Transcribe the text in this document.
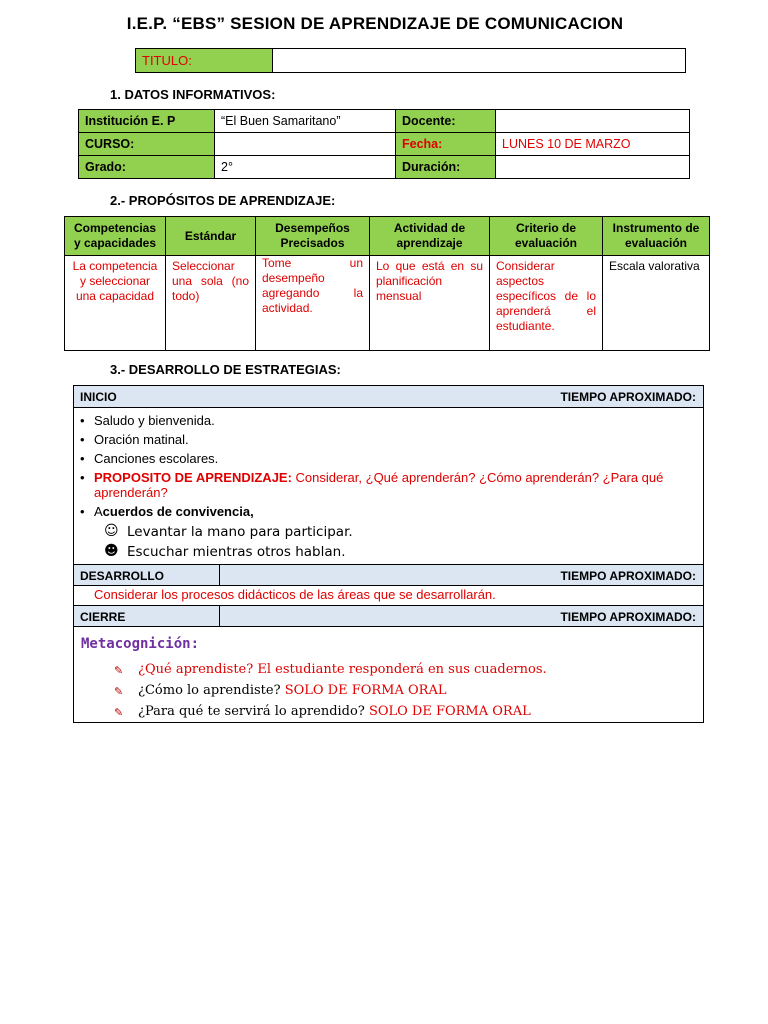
I.E.P. “EBS” SESION DE APRENDIZAJE DE COMUNICACION
TITULO:	
1. DATOS INFORMATIVOS:
Institución E. P	“El Buen Samaritano”	Docente:	
CURSO:		Fecha:	LUNES 10 DE MARZO
Grado:	2°	Duración:	
2.- PROPÓSITOS DE APRENDIZAJE:
Competencias y capacidades	Estándar	Desempeños Precisados	Actividad de aprendizaje	Criterio de evaluación	Instrumento de evaluación
La competencia y seleccionar una capacidad	Seleccionar una sola (no todo)	Tome un desempeño agregando la actividad.	Lo que está en su planificación mensual	Considerar aspectos específicos de lo aprenderá el estudiante.	Escala valorativa
3.- DESARROLLO DE ESTRATEGIAS:
INICIO	TIEMPO APROXIMADO:
• Saludo y bienvenida.
• Oración matinal.
• Canciones escolares.
• PROPOSITO DE APRENDIZAJE: Considerar, ¿Qué aprenderán? ¿Cómo aprenderán? ¿Para qué aprenderán?
• Acuerdos de convivencia,
☺ Levantar la mano para participar.
☻ Escuchar mientras otros hablan.
DESARROLLO	TIEMPO APROXIMADO:
Considerar los procesos didácticos de las áreas que se desarrollarán.
CIERRE	TIEMPO APROXIMADO:
Metacognición:
✎ ¿Qué aprendiste? El estudiante responderá en sus cuadernos.
✎ ¿Cómo lo aprendiste? SOLO DE FORMA ORAL
✎ ¿Para qué te servirá lo aprendido? SOLO DE FORMA ORAL
